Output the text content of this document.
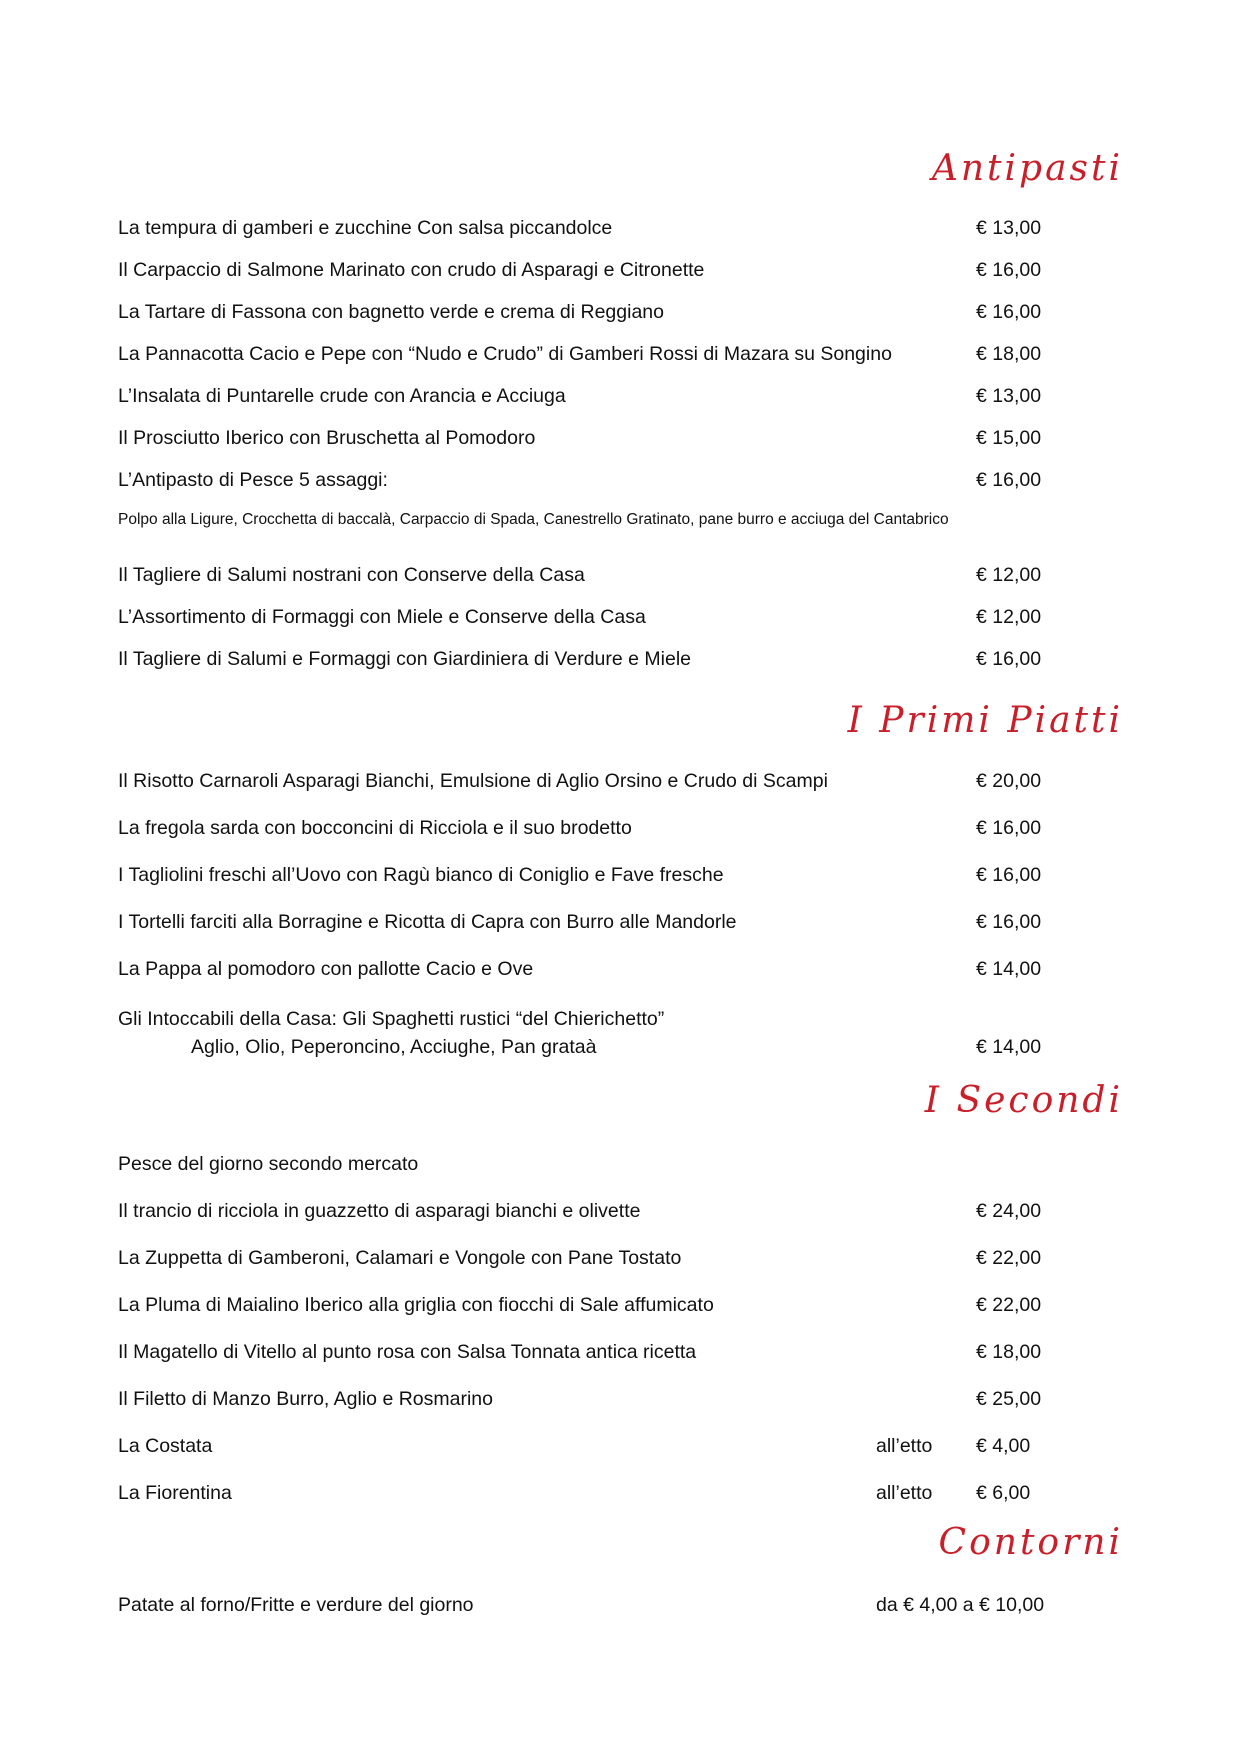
Antipasti
La tempura di gamberi e zucchine Con salsa piccandolce	€ 13,00
Il Carpaccio di Salmone Marinato con crudo di Asparagi e Citronette	€ 16,00
La Tartare di Fassona con bagnetto verde e crema di Reggiano	€ 16,00
La Pannacotta Cacio e Pepe con “Nudo e Crudo” di Gamberi Rossi di Mazara su Songino	€ 18,00
L’Insalata di Puntarelle crude con Arancia e Acciuga	€ 13,00
Il Prosciutto Iberico con Bruschetta al Pomodoro	€ 15,00
L’Antipasto di Pesce 5 assaggi:	€ 16,00
Polpo alla Ligure, Crocchetta di baccalà, Carpaccio di Spada, Canestrello Gratinato, pane burro e acciuga del Cantabrico
Il Tagliere di Salumi nostrani con Conserve della Casa	€ 12,00
L’Assortimento di Formaggi con Miele e Conserve della Casa	€ 12,00
Il Tagliere di Salumi e Formaggi con Giardiniera di Verdure e Miele	€ 16,00
I Primi Piatti
Il Risotto Carnaroli Asparagi Bianchi, Emulsione di Aglio Orsino e Crudo di Scampi	€ 20,00
La fregola sarda con bocconcini di Ricciola e il suo brodetto	€ 16,00
I Tagliolini freschi all’Uovo con Ragù bianco di Coniglio e Fave fresche	€ 16,00
I Tortelli farciti alla Borragine e Ricotta di Capra con Burro alle Mandorle	€ 16,00
La Pappa al pomodoro con pallotte Cacio e Ove	€ 14,00
Gli Intoccabili della Casa: Gli Spaghetti rustici “del Chierichetto”
Aglio, Olio, Peperoncino, Acciughe, Pan grataà	€ 14,00
I Secondi
Pesce del giorno secondo mercato
Il trancio di ricciola in guazzetto di asparagi bianchi e olivette	€ 24,00
La Zuppetta di Gamberoni, Calamari e Vongole con Pane Tostato	€ 22,00
La Pluma di Maialino Iberico alla griglia con fiocchi di Sale affumicato	€ 22,00
Il Magatello di Vitello al punto rosa con Salsa Tonnata antica ricetta	€ 18,00
Il Filetto di Manzo Burro, Aglio e Rosmarino	€ 25,00
La Costata	all’etto € 4,00
La Fiorentina	all’etto € 6,00
Contorni
Patate al forno/Fritte e verdure del giorno	da € 4,00 a € 10,00
